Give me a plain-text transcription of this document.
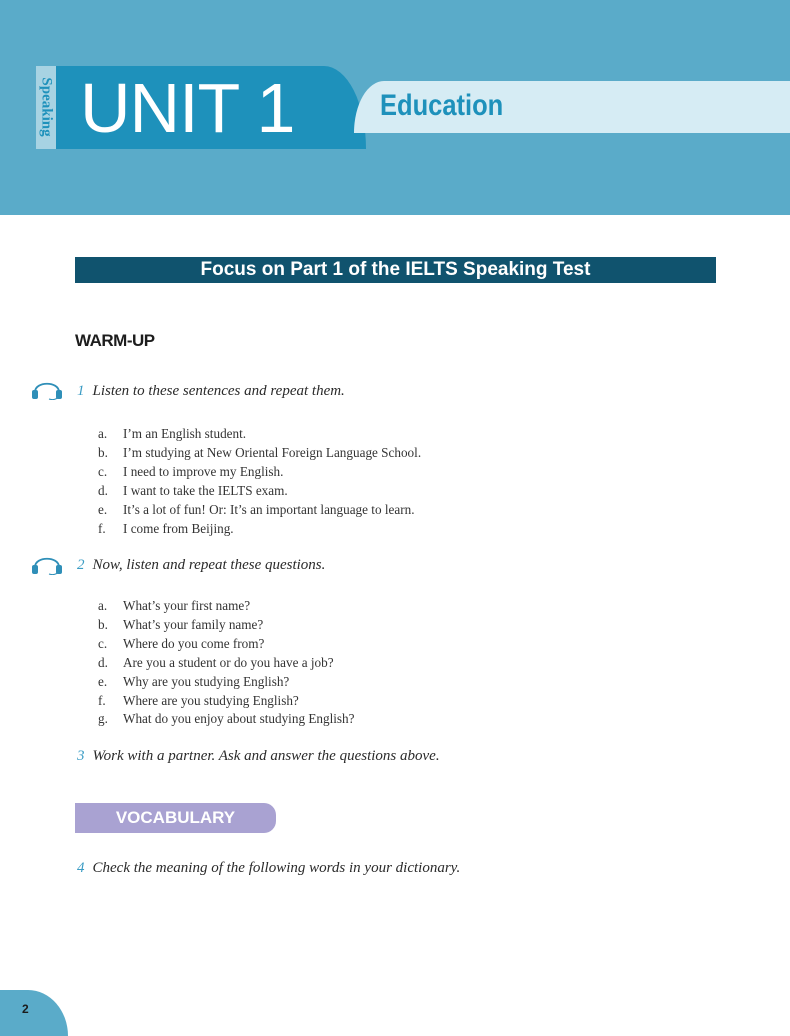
Speaking UNIT 1	Education
Focus on Part 1 of the IELTS Speaking Test
WARM-UP
1 Listen to these sentences and repeat them.
a.	I’m an English student.
b.	I’m studying at New Oriental Foreign Language School.
c.	I need to improve my English.
d.	I want to take the IELTS exam.
e.	It’s a lot of fun! Or: It’s an important language to learn.
f.	I come from Beijing.
2 Now, listen and repeat these questions.
a.	What’s your first name?
b.	What’s your family name?
c.	Where do you come from?
d.	Are you a student or do you have a job?
e.	Why are you studying English?
f.	Where are you studying English?
g.	What do you enjoy about studying English?
3 Work with a partner. Ask and answer the questions above.
VOCABULARY
4 Check the meaning of the following words in your dictionary.
2
